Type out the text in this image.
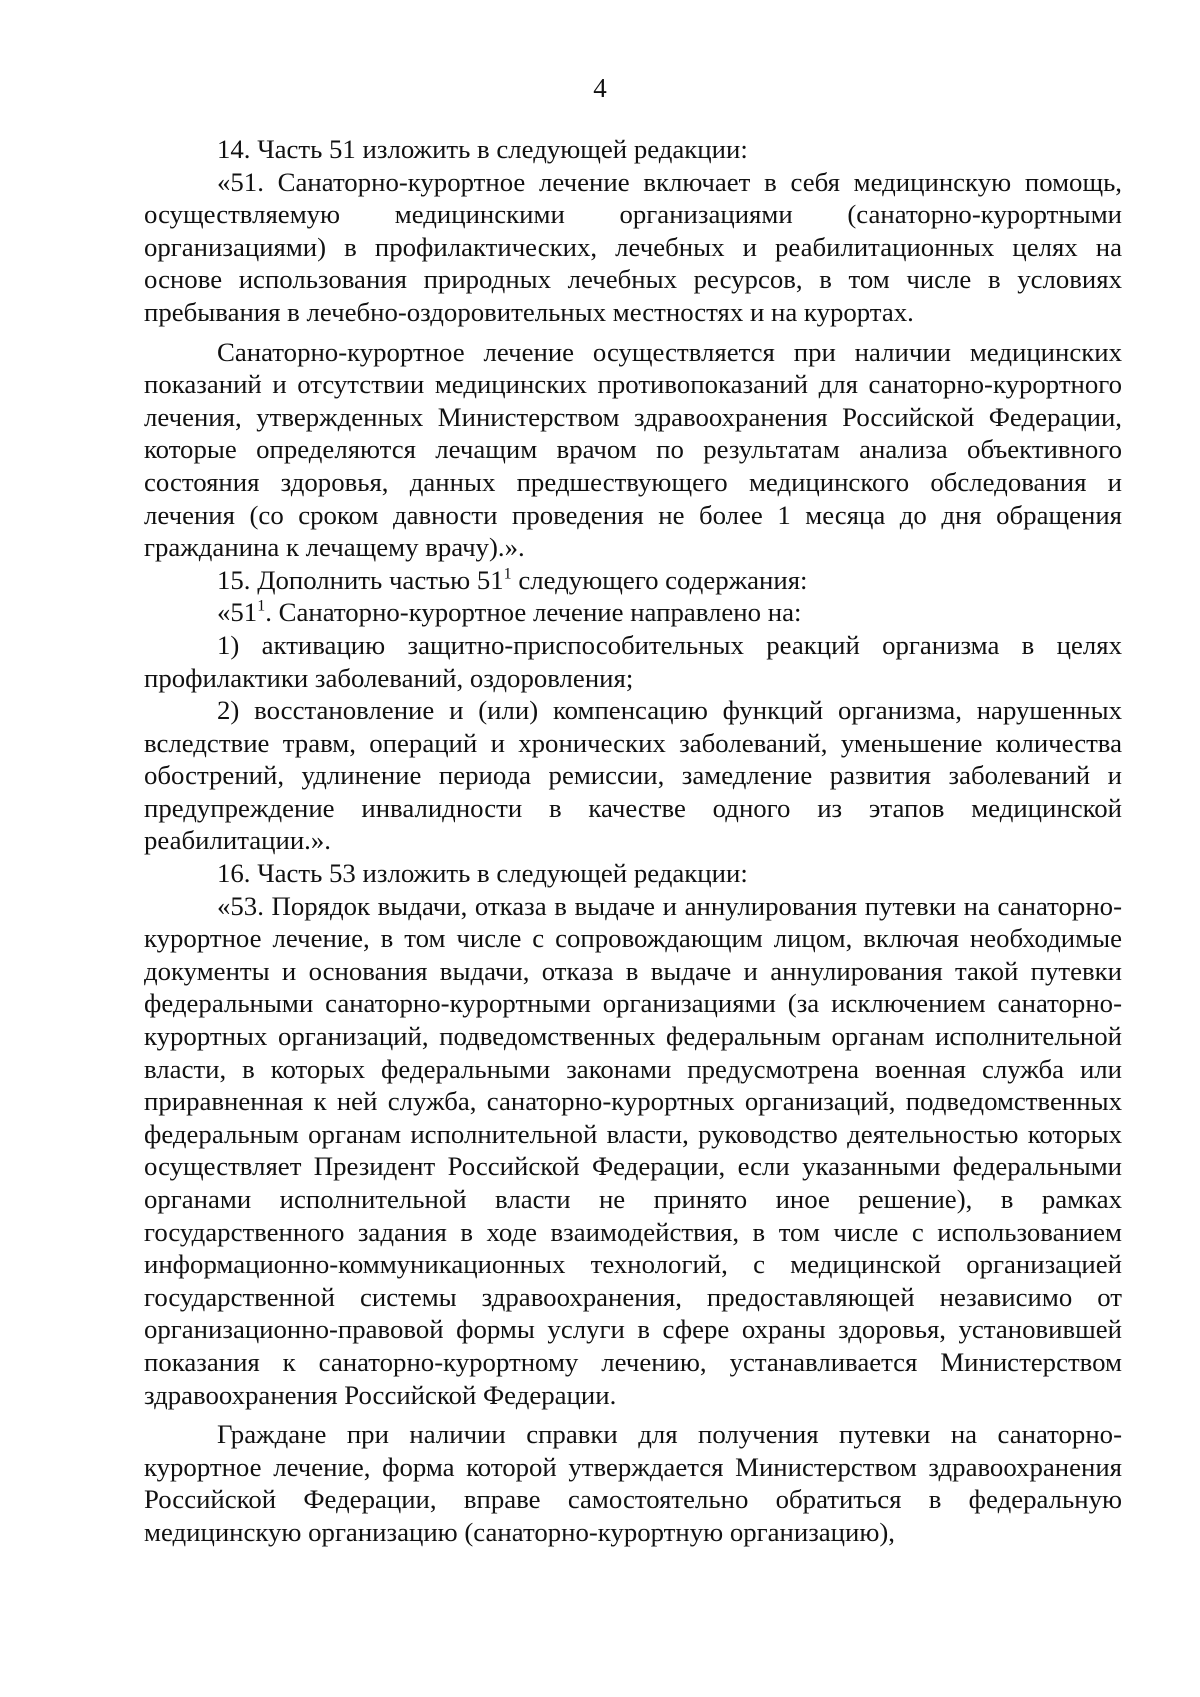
4

14. Часть 51 изложить в следующей редакции:

«51. Санаторно-курортное лечение включает в себя медицинскую помощь, осуществляемую медицинскими организациями (санаторно-курортными организациями) в профилактических, лечебных и реабилитационных целях на основе использования природных лечебных ресурсов, в том числе в условиях пребывания в лечебно-оздоровительных местностях и на курортах.

Санаторно-курортное лечение осуществляется при наличии медицинских показаний и отсутствии медицинских противопоказаний для санаторно-курортного лечения, утвержденных Министерством здравоохранения Российской Федерации, которые определяются лечащим врачом по результатам анализа объективного состояния здоровья, данных предшествующего медицинского обследования и лечения (со сроком давности проведения не более 1 месяца до дня обращения гражданина к лечащему врачу).».

15. Дополнить частью $51^1$ следующего содержания:

«$51^1$. Санаторно-курортное лечение направлено на:

1) активацию защитно-приспособительных реакций организма в целях профилактики заболеваний, оздоровления;

2) восстановление и (или) компенсацию функций организма, нарушенных вследствие травм, операций и хронических заболеваний, уменьшение количества обострений, удлинение периода ремиссии, замедление развития заболеваний и предупреждение инвалидности в качестве одного из этапов медицинской реабилитации.».

16. Часть 53 изложить в следующей редакции:

«53. Порядок выдачи, отказа в выдаче и аннулирования путевки на санаторно-курортное лечение, в том числе с сопровождающим лицом, включая необходимые документы и основания выдачи, отказа в выдаче и аннулирования такой путевки федеральными санаторно-курортными организациями (за исключением санаторно-курортных организаций, подведомственных федеральным органам исполнительной власти, в которых федеральными законами предусмотрена военная служба или приравненная к ней служба, санаторно-курортных организаций, подведомственных федеральным органам исполнительной власти, руководство деятельностью которых осуществляет Президент Российской Федерации, если указанными федеральными органами исполнительной власти не принято иное решение), в рамках государственного задания в ходе взаимодействия, в том числе с использованием информационно-коммуникационных технологий, с медицинской организацией государственной системы здравоохранения, предоставляющей независимо от организационно-правовой формы услуги в сфере охраны здоровья, установившей показания к санаторно-курортному лечению, устанавливается Министерством здравоохранения Российской Федерации.

Граждане при наличии справки для получения путевки на санаторно-курортное лечение, форма которой утверждается Министерством здравоохранения Российской Федерации, вправе самостоятельно обратиться в федеральную медицинскую организацию (санаторно-курортную организацию),
